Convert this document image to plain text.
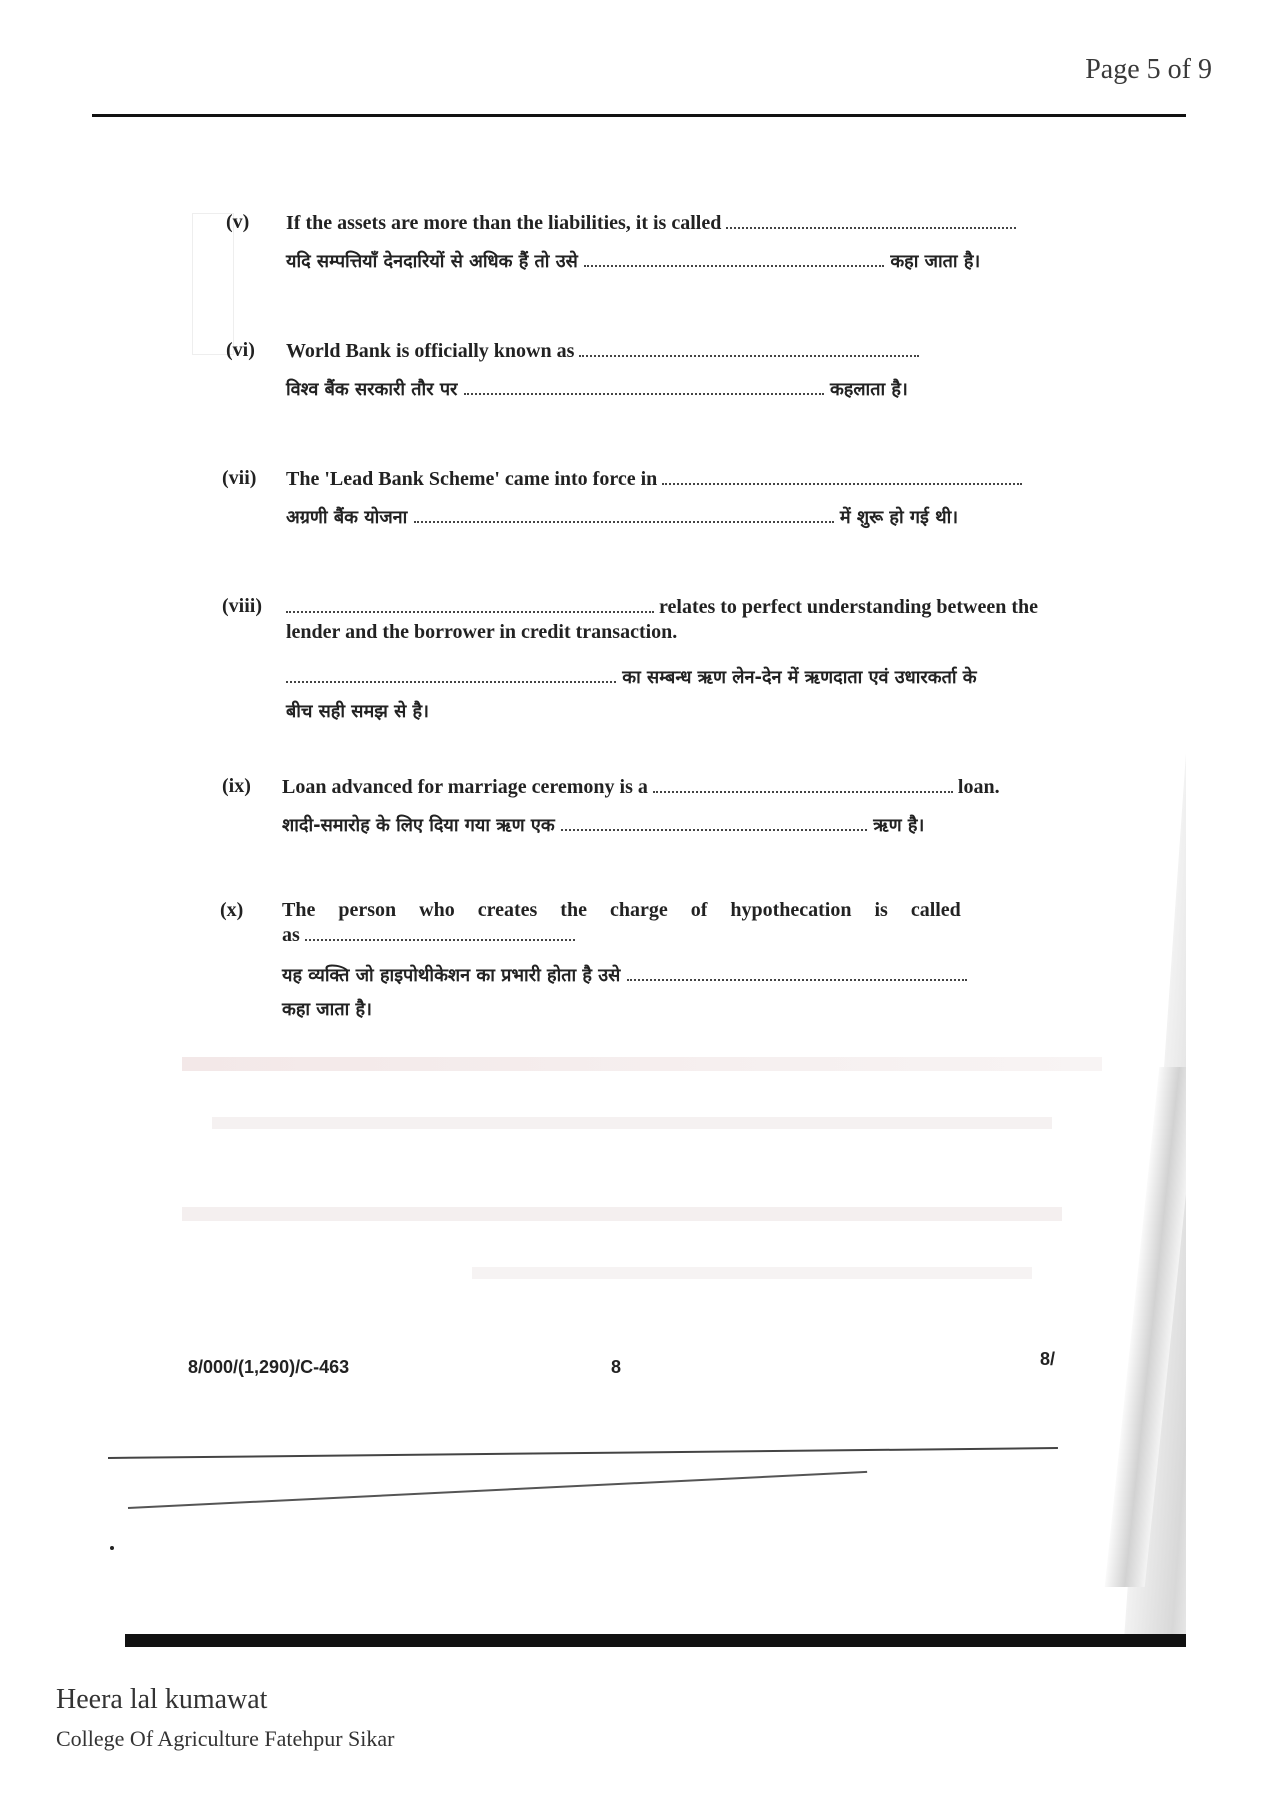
Page 5 of 9
(v) If the assets are more than the liabilities, it is called
यदि सम्पत्तियाँ देनदारियों से अधिक हैं तो उसे	कहा जाता है।
(vi) World Bank is officially known as
विश्व बैंक सरकारी तौर पर	कहलाता है।
(vii) The 'Lead Bank Scheme' came into force in
अग्रणी बैंक योजना	में शुरू हो गई थी।
(viii)	relates to perfect understanding between the
lender and the borrower in credit transaction.
का सम्बन्ध ऋण लेन-देन में ऋणदाता एवं उधारकर्ता के
बीच सही समझ से है।
(ix) Loan advanced for marriage ceremony is a	loan.
शादी-समारोह के लिए दिया गया ऋण एक	ऋण है।
(x) The person who creates the charge of hypothecation is called
as
यह व्यक्ति जो हाइपोथीकेशन का प्रभारी होता है उसे
कहा जाता है।
8/000/(1,290)/C-463	8	8/
Heera lal kumawat
College Of Agriculture Fatehpur Sikar
